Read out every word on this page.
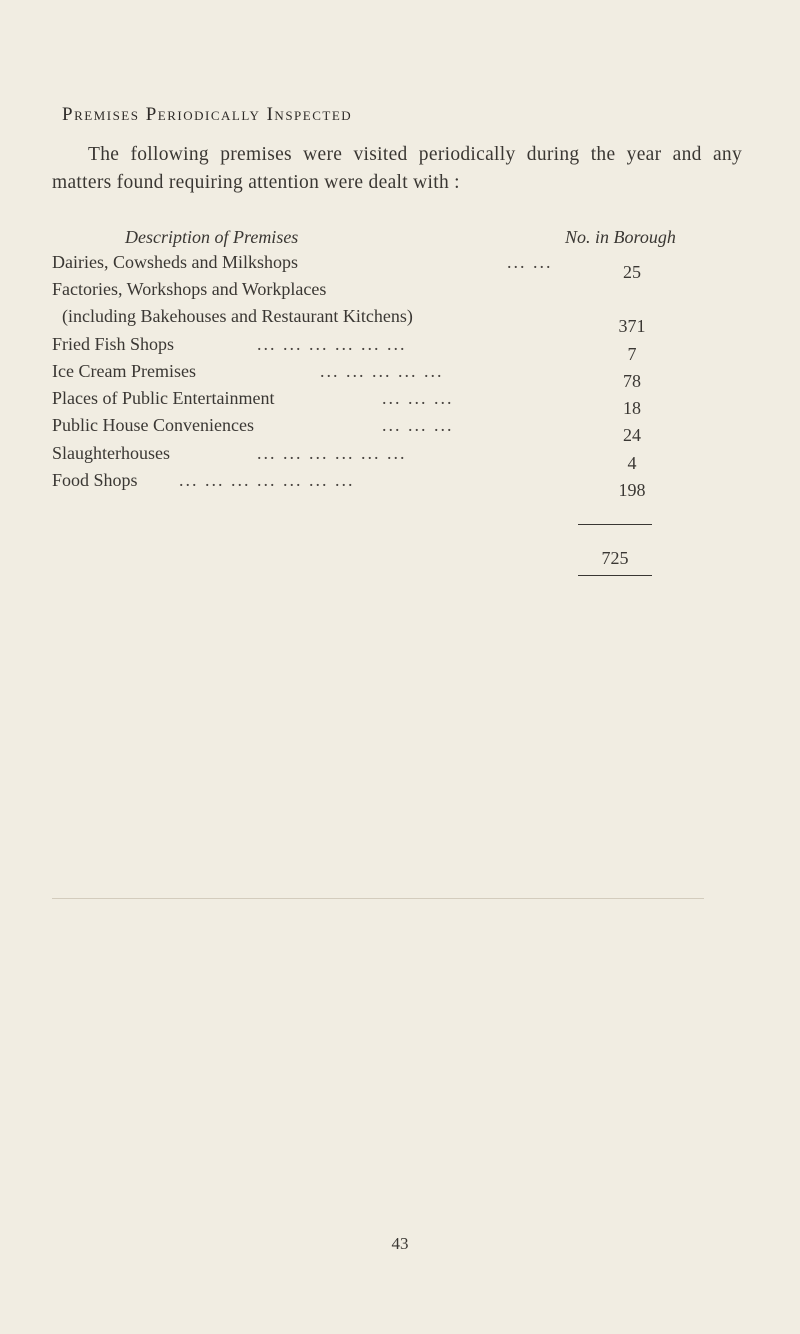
Premises Periodically Inspected
The following premises were visited periodically during the year and any matters found requiring attention were dealt with :
Description of Premises	No. in Borough
Dairies, Cowsheds and Milkshops	... ...	25
Factories, Workshops and Workplaces
(including Bakehouses and Restaurant Kitchens)	371
Fried Fish Shops	... ... ... ... ... ...	7
Ice Cream Premises	... ... ... ... ...	78
Places of Public Entertainment	... ... ...	18
Public House Conveniences	... ... ...	24
Slaughterhouses	... ... ... ... ... ...	4
Food Shops ... ... ... ... ... ... ...	198
725
43
